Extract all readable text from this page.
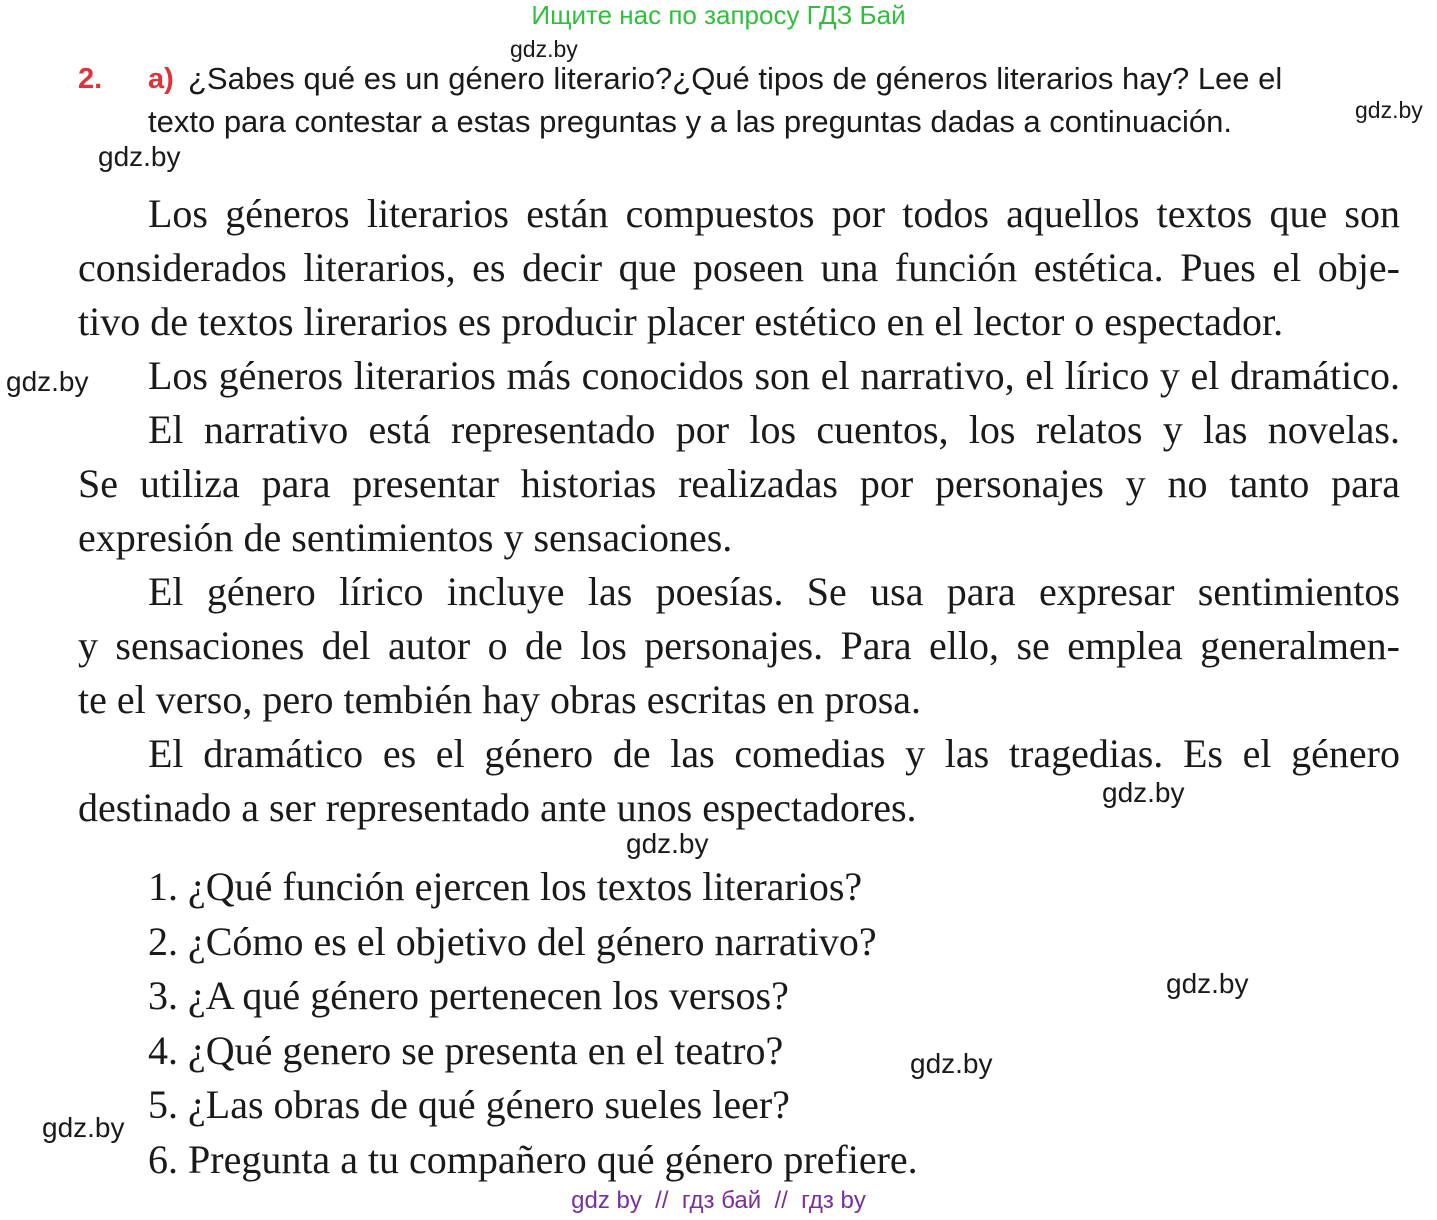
Ищите нас по запросу ГДЗ Бай
gdz.by
gdz.by
gdz.by
gdz.by
gdz.by
gdz.by
gdz.by
gdz.by
gdz.by
2. a) ¿Sabes qué es un género literario?¿Qué tipos de géneros literarios hay? Lee el
texto para contestar a estas preguntas y a las preguntas dadas a continuación.
Los géneros literarios están compuestos por todos aquellos textos que son
considerados literarios, es decir que poseen una función estética. Pues el obje-
tivo de textos lirerarios es producir placer estético en el lector o espectador.
Los géneros literarios más conocidos son el narrativo, el lírico y el dramático.
El narrativo está representado por los cuentos, los relatos y las novelas.
Se utiliza para presentar historias realizadas por personajes y no tanto para
expresión de sentimientos y sensaciones.
El género lírico incluye las poesías. Se usa para expresar sentimientos
y sensaciones del autor o de los personajes. Para ello, se emplea generalmen-
te el verso, pero tembién hay obras escritas en prosa.
El dramático es el género de las comedias y las tragedias. Es el género
destinado a ser representado ante unos espectadores.
1. ¿Qué función ejercen los textos literarios?
2. ¿Cómo es el objetivo del género narrativo?
3. ¿A qué género pertenecen los versos?
4. ¿Qué genero se presenta en el teatro?
5. ¿Las obras de qué género sueles leer?
6. Pregunta a tu compañero qué género prefiere.
gdz by  //  гдз бай  //  гдз by
